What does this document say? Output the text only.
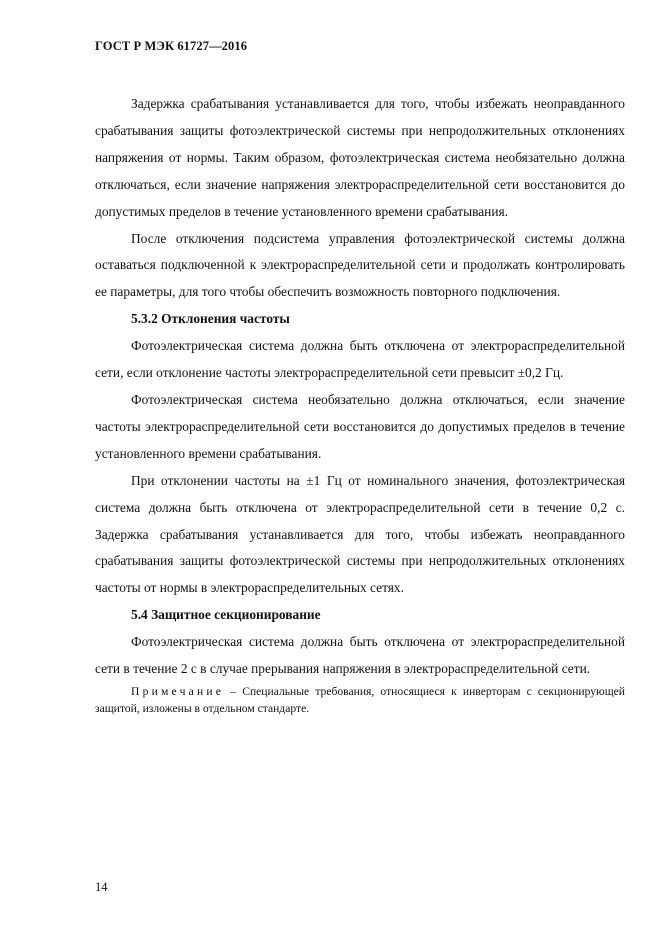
ГОСТ Р МЭК 61727—2016

Задержка срабатывания устанавливается для того, чтобы избежать неоправданного срабатывания защиты фотоэлектрической системы при непродолжительных отклонениях напряжения от нормы. Таким образом, фотоэлектрическая система необязательно должна отключаться, если значение напряжения электрораспределительной сети восстановится до допустимых пределов в течение установленного времени срабатывания.

После отключения подсистема управления фотоэлектрической системы должна оставаться подключенной к электрораспределительной сети и продолжать контролировать ее параметры, для того чтобы обеспечить возможность повторного подключения.

5.3.2 Отклонения частоты

Фотоэлектрическая система должна быть отключена от электрораспределительной сети, если отклонение частоты электрораспределительной сети превысит ±0,2 Гц.

Фотоэлектрическая система необязательно должна отключаться, если значение частоты электрораспределительной сети восстановится до допустимых пределов в течение установленного времени срабатывания.

При отклонении частоты на ±1 Гц от номинального значения, фотоэлектрическая система должна быть отключена от электрораспределительной сети в течение 0,2 с. Задержка срабатывания устанавливается для того, чтобы избежать неоправданного срабатывания защиты фотоэлектрической системы при непродолжительных отклонениях частоты от нормы в электрораспределительных сетях.

5.4 Защитное секционирование

Фотоэлектрическая система должна быть отключена от электрораспределительной сети в течение 2 с в случае прерывания напряжения в электрораспределительной сети.

Примечание – Специальные требования, относящиеся к инверторам с секционирующей защитой, изложены в отдельном стандарте.

14
